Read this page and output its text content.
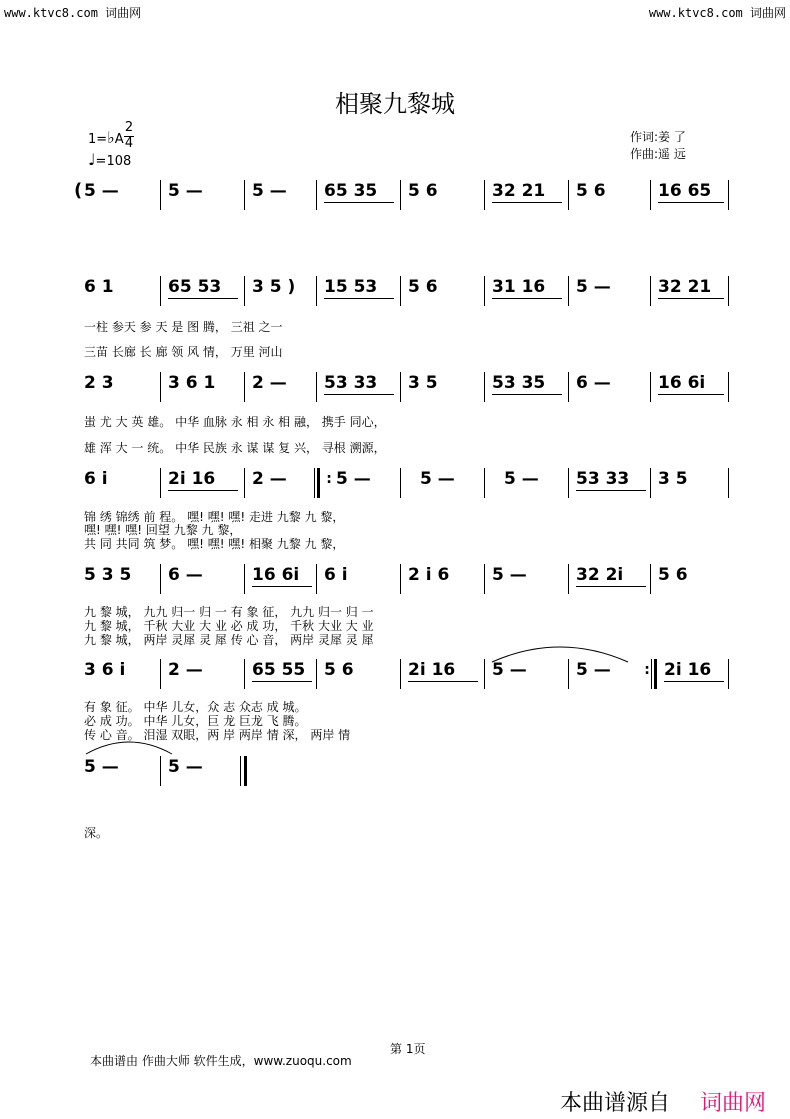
www.ktvc8.com 词曲网	www.ktvc8.com 词曲网
相聚九黎城
1=♭A
2
4
♩=108
作词:姜 了
作曲:遥 远
( 5 —	5 —	5 —	65 35	5 6	32 21	5 6	16 65
6 1	65 53	3 5 )	15 53	5 6	31 16	5 —	32 21
一柱 参天 参 天 是 图 腾， 三祖 之一
三苗 长廊 长 廊 领 风 情， 万里 河山
2 3	3 6 1	2 —	53 33	3 5	53 35	6 —	16 6i
蚩 尤 大 英 雄。 中华 血脉 永 相 永 相 融， 携手 同心，
雄 浑 大 一 统。 中华 民族 永 谋 谋 复 兴， 寻根 溯源，
6 i	2i 16	2 —	: 5 —	5 —	5 —	53 33	3 5
锦 绣 锦绣 前 程。 嘿! 嘿! 嘿! 走进 九黎 九 黎，
嘿! 嘿! 嘿! 回望 九黎 九 黎，
共 同 共同 筑 梦。 嘿! 嘿! 嘿! 相聚 九黎 九 黎，
5 3 5	6 —	16 6i	6 i	2 i 6	5 —	32 2i	5 6
九 黎 城， 九九 归一 归 一 有 象 征， 九九 归一 归 一
九 黎 城， 千秋 大业 大 业 必 成 功， 千秋 大业 大 业
九 黎 城， 两岸 灵犀 灵 犀 传 心 音， 两岸 灵犀 灵 犀
3 6 i	2 —	65 55	5 6	2i 16	5 —	5 —	: 2i 16
有 象 征。 中华 儿女，众 志 众志 成 城。
必 成 功。 中华 儿女，巨 龙 巨龙 飞 腾。
传 心 音。 泪湿 双眼，两 岸 两岸 情 深， 两岸 情
5 —	5 —
深。
第 1页
本曲谱由 作曲大师 软件生成，www.zuoqu.com
本曲谱源自 词曲网
